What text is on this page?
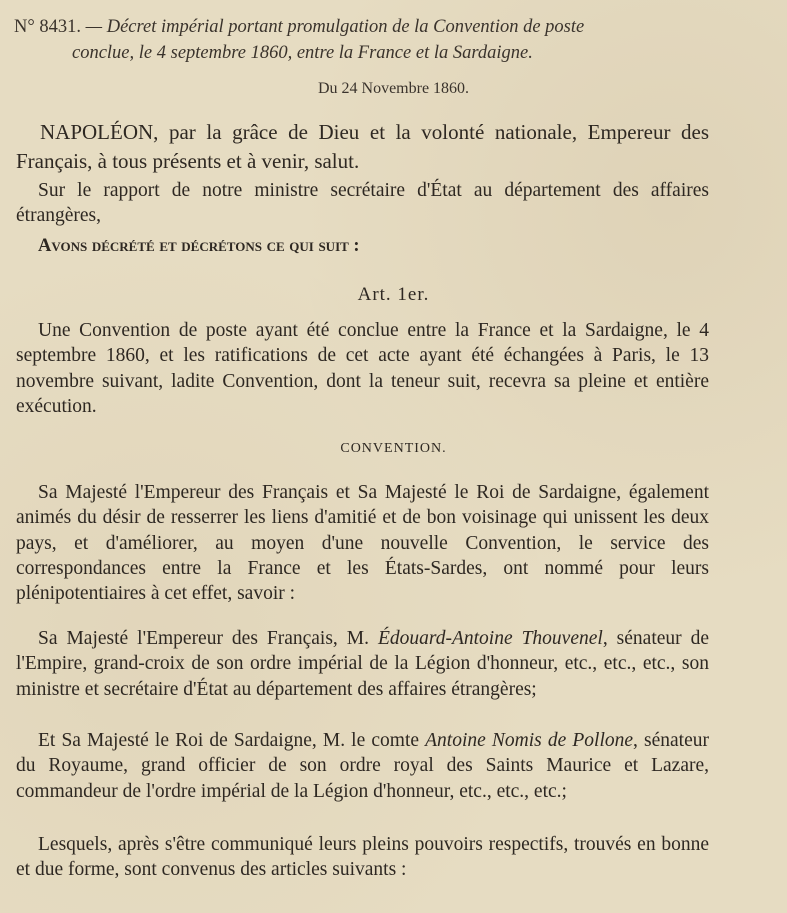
N° 8431. — Décret impérial portant promulgation de la Convention de poste
conclue, le 4 septembre 1860, entre la France et la Sardaigne.
Du 24 Novembre 1860.
NAPOLÉON, par la grâce de Dieu et la volonté nationale, Empereur des Français, à tous présents et à venir, salut.
Sur le rapport de notre ministre secrétaire d'État au département des affaires étrangères,
Avons décrété et décrétons ce qui suit :
Art. 1er.
Une Convention de poste ayant été conclue entre la France et la Sardaigne, le 4 septembre 1860, et les ratifications de cet acte ayant été échangées à Paris, le 13 novembre suivant, ladite Convention, dont la teneur suit, recevra sa pleine et entière exécution.
CONVENTION.
Sa Majesté l'Empereur des Français et Sa Majesté le Roi de Sardaigne, également animés du désir de resserrer les liens d'amitié et de bon voisinage qui unissent les deux pays, et d'améliorer, au moyen d'une nouvelle Convention, le service des correspondances entre la France et les États-Sardes, ont nommé pour leurs plénipotentiaires à cet effet, savoir :
Sa Majesté l'Empereur des Français, M. Édouard-Antoine Thouvenel, sénateur de l'Empire, grand-croix de son ordre impérial de la Légion d'honneur, etc., etc., etc., son ministre et secrétaire d'État au département des affaires étrangères;
Et Sa Majesté le Roi de Sardaigne, M. le comte Antoine Nomis de Pollone, sénateur du Royaume, grand officier de son ordre royal des Saints Maurice et Lazare, commandeur de l'ordre impérial de la Légion d'honneur, etc., etc., etc.;
Lesquels, après s'être communiqué leurs pleins pouvoirs respectifs, trouvés en bonne et due forme, sont convenus des articles suivants :
